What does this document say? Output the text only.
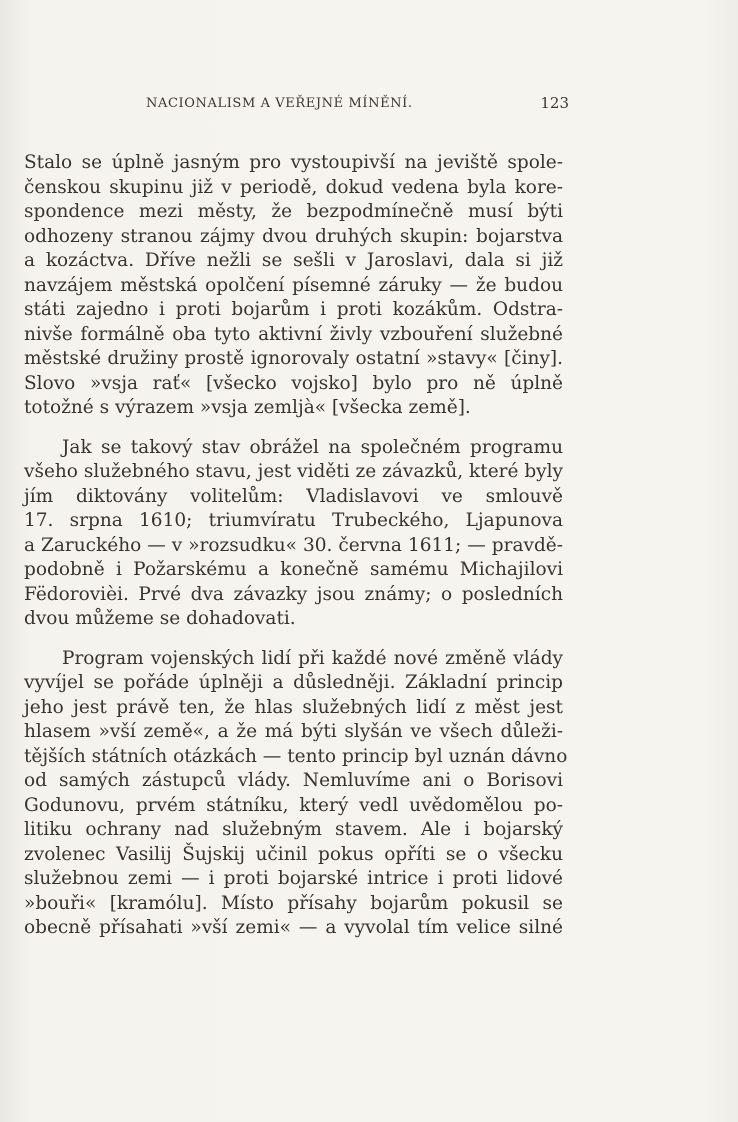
NACIONALISM A VEŘEJNÉ MÍNĚNÍ.	123
Stalo se úplně jasným pro vystoupivší na jeviště spole-
čenskou skupinu již v periodě, dokud vedena byla kore-
spondence mezi městy, že bezpodmínečně musí býti
odhozeny stranou zájmy dvou druhých skupin: bojarstva
a kozáctva. Dříve nežli se sešli v Jaroslavi, dala si již
navzájem městská opolčení písemné záruky — že budou
státi zajedno i proti bojarům i proti kozákům. Odstra-
nivše formálně oba tyto aktivní živly vzbouření služebné
městské družiny prostě ignorovaly ostatní »stavy« [činy].
Slovo »vsja rať« [všecko vojsko] bylo pro ně úplně
totožné s výrazem »vsja zemljà« [všecka země].
Jak se takový stav obrážel na společném programu
všeho služebného stavu, jest viděti ze závazků, které byly
jím diktovány volitelům: Vladislavovi ve smlouvě
17. srpna 1610; triumvíratu Trubeckého, Ljapunova
a Zaruckého — v »rozsudku« 30. června 1611; — pravdě-
podobně i Požarskému a konečně samému Michajilovi
Fëdorovièi. Prvé dva závazky jsou známy; o posledních
dvou můžeme se dohadovati.
Program vojenských lidí při každé nové změně vlády
vyvíjel se pořáde úplněji a důsledněji. Základní princip
jeho jest právě ten, že hlas služebných lidí z měst jest
hlasem »vší země«, a že má býti slyšán ve všech důleži-
tějších státních otázkách — tento princip byl uznán dávno
od samých zástupců vlády. Nemluvíme ani o Borisovi
Godunovu, prvém státníku, který vedl uvědomělou po-
litiku ochrany nad služebným stavem. Ale i bojarský
zvolenec Vasilij Šujskij učinil pokus opříti se o všecku
služebnou zemi — i proti bojarské intrice i proti lidové
»bouři« [kramólu]. Místo přísahy bojarům pokusil se
obecně přísahati »vší zemi« — a vyvolal tím velice silné
